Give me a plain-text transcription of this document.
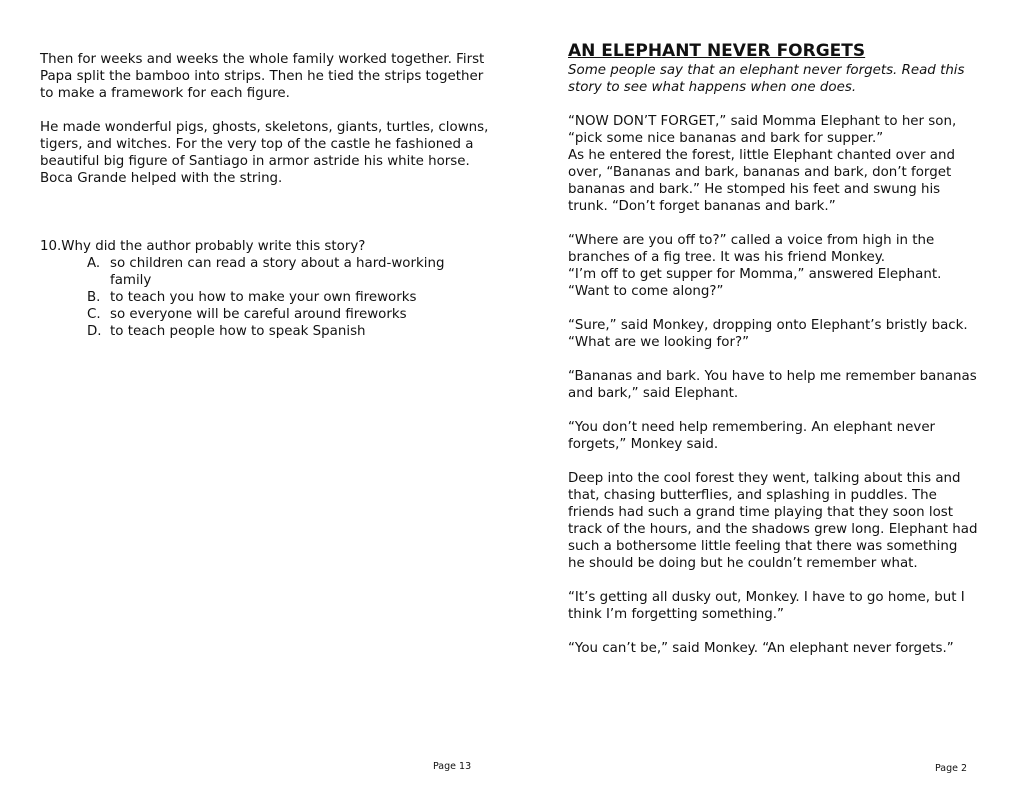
Then for weeks and weeks the whole family worked together. First Papa split the bamboo into strips. Then he tied the strips together to make a framework for each figure.

He made wonderful pigs, ghosts, skeletons, giants, turtles, clowns, tigers, and witches. For the very top of the castle he fashioned a beautiful big figure of Santiago in armor astride his white horse. Boca Grande helped with the string.

10.Why did the author probably write this story?

A. so children can read a story about a hard-working family
B. to teach you how to make your own fireworks
C. so everyone will be careful around fireworks
D. to teach people how to speak Spanish
Page 13

AN ELEPHANT NEVER FORGETS

Some people say that an elephant never forgets. Read this story to see what happens when one does.

“NOW DON’T FORGET,” said Momma Elephant to her son, “pick some nice bananas and bark for supper.”

As he entered the forest, little Elephant chanted over and over, “Bananas and bark, bananas and bark, don’t forget bananas and bark.” He stomped his feet and swung his trunk. “Don’t forget bananas and bark.”

“Where are you off to?” called a voice from high in the branches of a fig tree. It was his friend Monkey.

“I’m off to get supper for Momma,” answered Elephant. “Want to come along?”

“Sure,” said Monkey, dropping onto Elephant’s bristly back. “What are we looking for?”

“Bananas and bark. You have to help me remember bananas and bark,” said Elephant.

“You don’t need help remembering. An elephant never forgets,” Monkey said.

Deep into the cool forest they went, talking about this and that, chasing butterflies, and splashing in puddles. The friends had such a grand time playing that they soon lost track of the hours, and the shadows grew long. Elephant had such a bothersome little feeling that there was something he should be doing but he couldn’t remember what.

“It’s getting all dusky out, Monkey. I have to go home, but I think I’m forgetting something.”

“You can’t be,” said Monkey. “An elephant never forgets.”

Page 2
